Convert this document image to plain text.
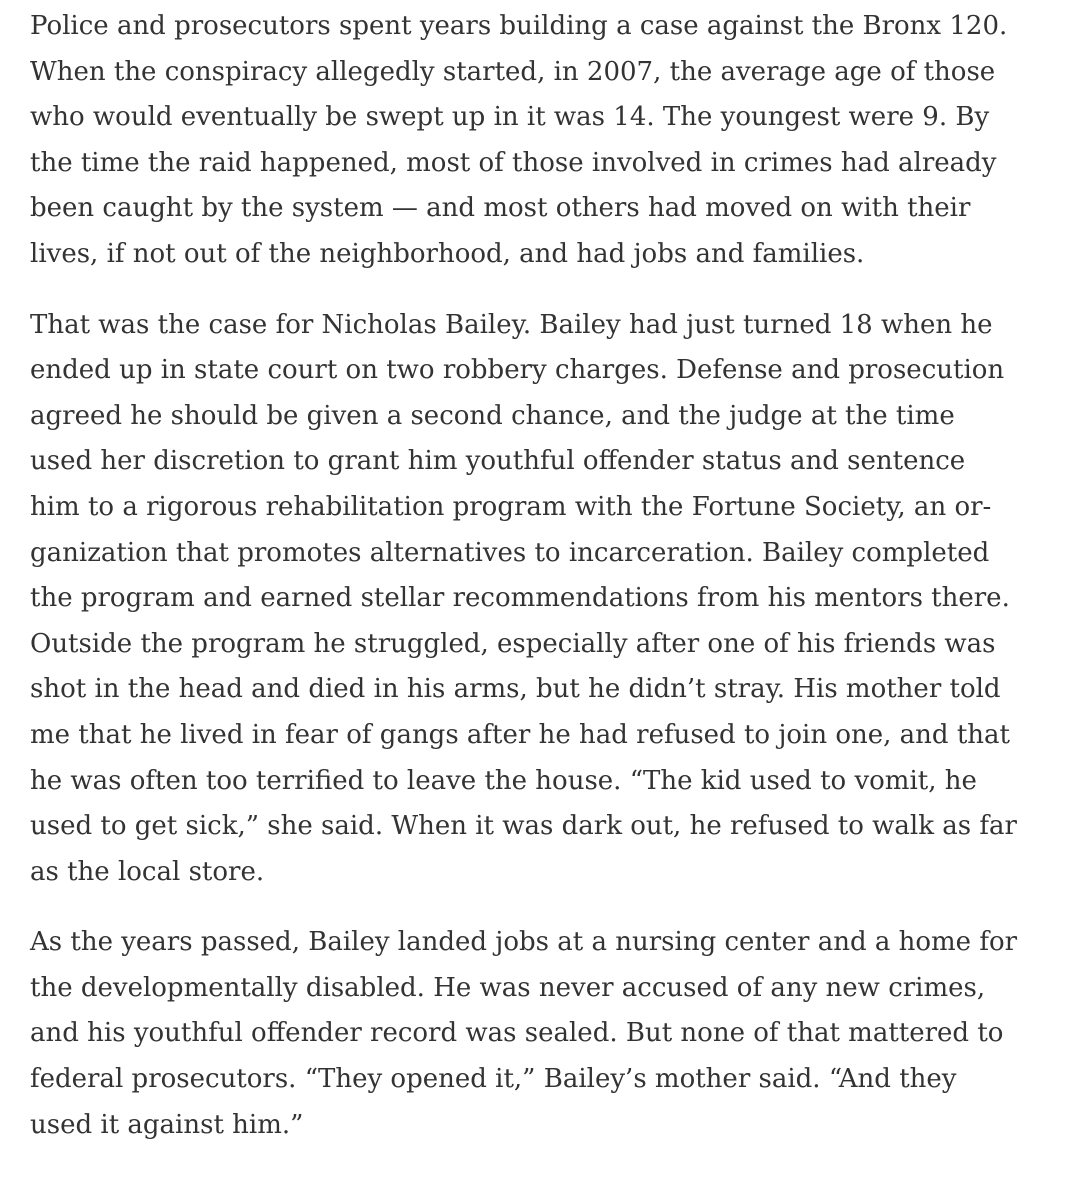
Police and prosecutors spent years building a case against the Bronx 120.
When the conspiracy allegedly started, in 2007, the average age of those
who would eventually be swept up in it was 14. The youngest were 9. By
the time the raid happened, most of those involved in crimes had already
been caught by the system — and most others had moved on with their
lives, if not out of the neighborhood, and had jobs and families.

That was the case for Nicholas Bailey. Bailey had just turned 18 when he
ended up in state court on two robbery charges. Defense and prosecution
agreed he should be given a second chance, and the judge at the time
used her discretion to grant him youthful offender status and sentence
him to a rigorous rehabilitation program with the Fortune Society, an or-
ganization that promotes alternatives to incarceration. Bailey completed
the program and earned stellar recommendations from his mentors there.
Outside the program he struggled, especially after one of his friends was
shot in the head and died in his arms, but he didn’t stray. His mother told
me that he lived in fear of gangs after he had refused to join one, and that
he was often too terrified to leave the house. “The kid used to vomit, he
used to get sick,” she said. When it was dark out, he refused to walk as far
as the local store.

As the years passed, Bailey landed jobs at a nursing center and a home for
the developmentally disabled. He was never accused of any new crimes,
and his youthful offender record was sealed. But none of that mattered to
federal prosecutors. “They opened it,” Bailey’s mother said. “And they
used it against him.”
